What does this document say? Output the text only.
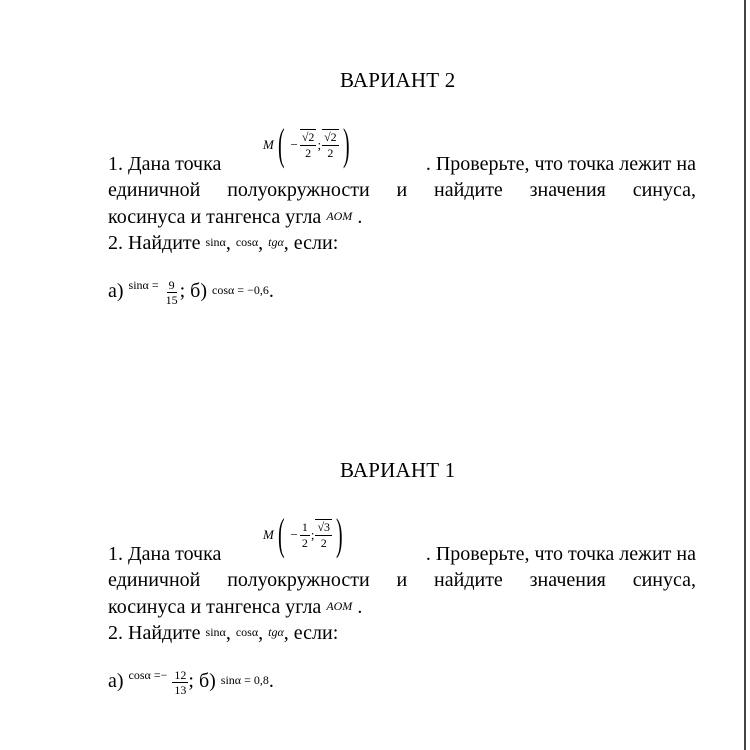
ВАРИАНТ 2
M ( − $\frac{√2}{2}$ ; $\frac{√2}{2}$ )
1. Дана точка	. Проверьте, что точка лежит на
единичной полуокружности и найдите значения синуса,
косинуса и тангенса угла AOM .
2. Найдите sinα, cosα, tgα, если:
а) $\sin\alpha = \frac{9}{15}$ ; б) cosα = −0,6.
ВАРИАНТ 1
M ( − $\frac{1}{2}$ ; $\frac{√3}{2}$ )
1. Дана точка	. Проверьте, что точка лежит на
единичной полуокружности и найдите значения синуса,
косинуса и тангенса угла AOM .
2. Найдите sinα, cosα, tgα, если:
а) $\cos\alpha =- \frac{12}{13}$ ; б) sinα = 0,8.
